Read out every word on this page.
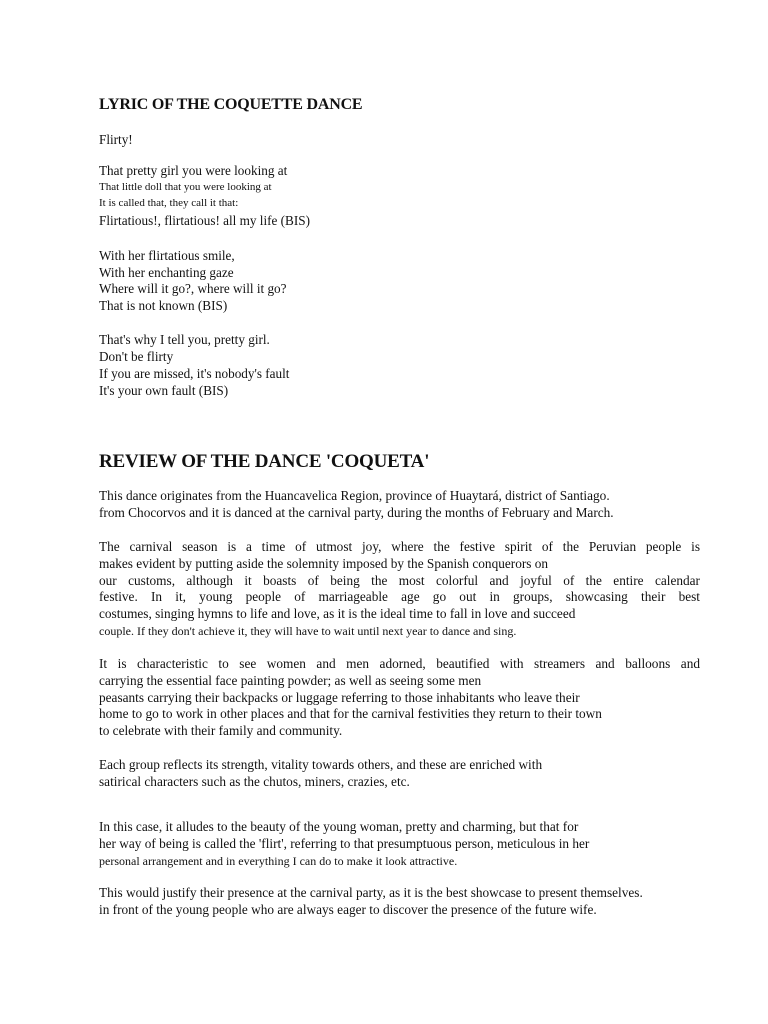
LYRIC OF THE COQUETTE DANCE
Flirty!
That pretty girl you were looking at
That little doll that you were looking at
It is called that, they call it that:
Flirtatious!, flirtatious! all my life (BIS)
With her flirtatious smile,
With her enchanting gaze
Where will it go?, where will it go?
That is not known (BIS)
That's why I tell you, pretty girl.
Don't be flirty
If you are missed, it's nobody's fault
It's your own fault (BIS)
REVIEW OF THE DANCE 'COQUETA'
This dance originates from the Huancavelica Region, province of Huaytará, district of Santiago.
from Chocorvos and it is danced at the carnival party, during the months of February and March.
The carnival season is a time of utmost joy, where the festive spirit of the Peruvian people is
makes evident by putting aside the solemnity imposed by the Spanish conquerors on
our customs, although it boasts of being the most colorful and joyful of the entire calendar
festive. In it, young people of marriageable age go out in groups, showcasing their best
costumes, singing hymns to life and love, as it is the ideal time to fall in love and succeed
couple. If they don't achieve it, they will have to wait until next year to dance and sing.
It is characteristic to see women and men adorned, beautified with streamers and balloons and
carrying the essential face painting powder; as well as seeing some men
peasants carrying their backpacks or luggage referring to those inhabitants who leave their
home to go to work in other places and that for the carnival festivities they return to their town
to celebrate with their family and community.
Each group reflects its strength, vitality towards others, and these are enriched with
satirical characters such as the chutos, miners, crazies, etc.
In this case, it alludes to the beauty of the young woman, pretty and charming, but that for
her way of being is called the 'flirt', referring to that presumptuous person, meticulous in her
personal arrangement and in everything I can do to make it look attractive.
This would justify their presence at the carnival party, as it is the best showcase to present themselves.
in front of the young people who are always eager to discover the presence of the future wife.
